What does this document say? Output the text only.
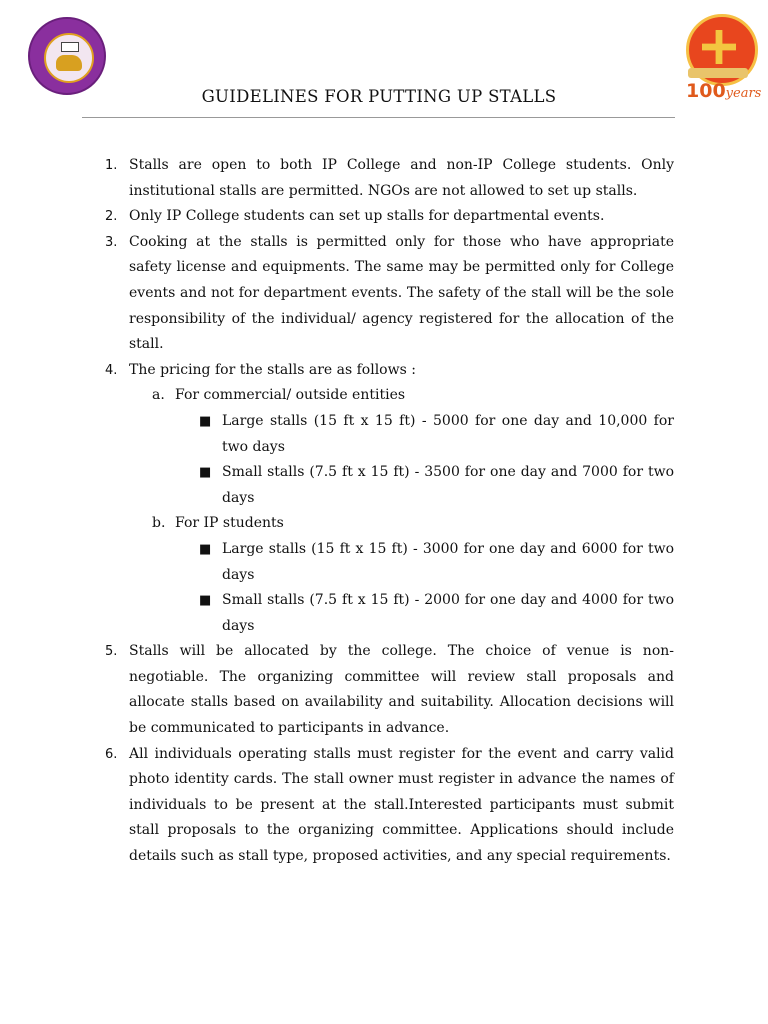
100years
GUIDELINES FOR PUTTING UP STALLS
1. Stalls are open to both IP College and non-IP College students. Only institutional stalls are permitted. NGOs are not allowed to set up stalls.
2. Only IP College students can set up stalls for departmental events.
3. Cooking at the stalls is permitted only for those who have appropriate safety license and equipments. The same may be permitted only for College events and not for department events. The safety of the stall will be the sole responsibility of the individual/ agency registered for the allocation of the stall.
4. The pricing for the stalls are as follows :
a. For commercial/ outside entities
■ Large stalls (15 ft x 15 ft) - 5000 for one day and 10,000 for two days
■ Small stalls (7.5 ft x 15 ft) - 3500 for one day and 7000 for two days
b. For IP students
■ Large stalls (15 ft x 15 ft) - 3000 for one day and 6000 for two days
■ Small stalls (7.5 ft x 15 ft) - 2000 for one day and 4000 for two days
5. Stalls will be allocated by the college. The choice of venue is non-negotiable. The organizing committee will review stall proposals and allocate stalls based on availability and suitability. Allocation decisions will be communicated to participants in advance.
6. All individuals operating stalls must register for the event and carry valid photo identity cards. The stall owner must register in advance the names of individuals to be present at the stall.Interested participants must submit stall proposals to the organizing committee. Applications should include details such as stall type, proposed activities, and any special requirements.
